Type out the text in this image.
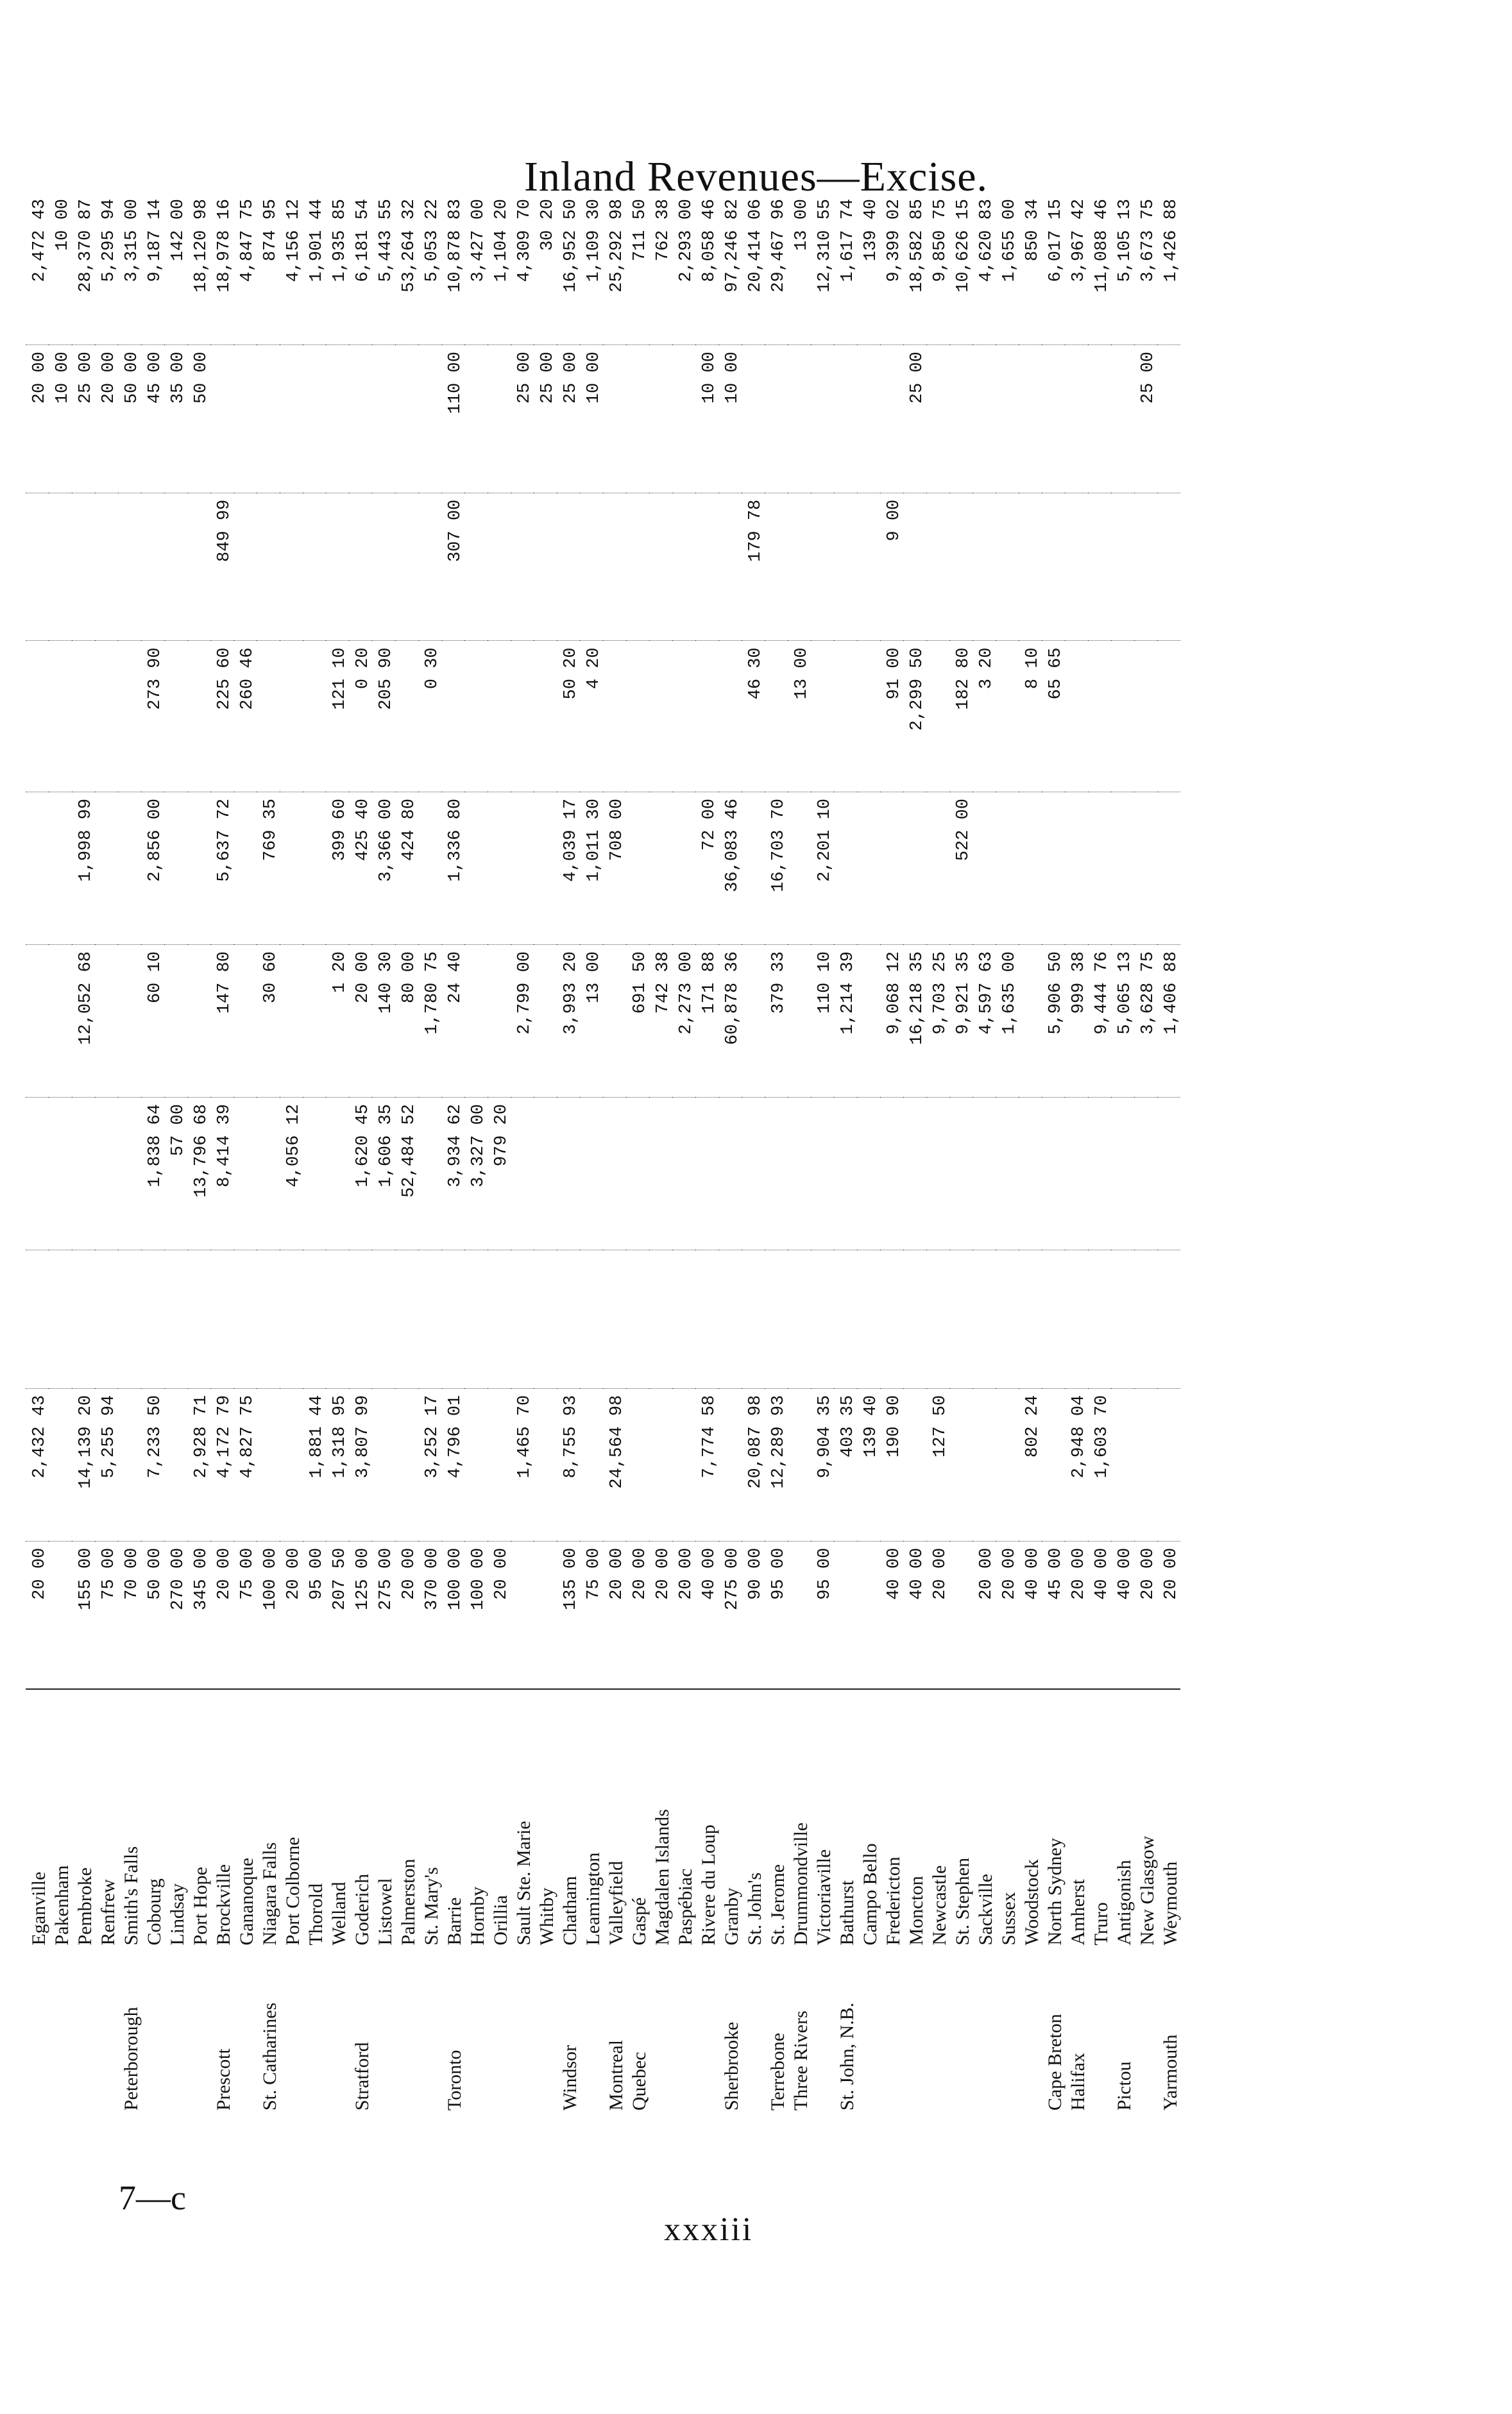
Inland Revenues—Excise.
	Eganville	20 00	2,432 43							20 00	2,472 43
	Pakenham									10 00	10 00
	Pembroke	155 00	14,139 20			12,052 68	1,998 99			25 00	28,370 87
	Renfrew	75 00	5,255 94							20 00	5,295 94
Peterborough	Smith's Falls	70 00								50 00	3,315 00
	Cobourg	50 00	7,233 50		1,838 64	60 10	2,856 00	273 90		45 00	9,187 14
	Lindsay	270 00			57 00					35 00	142 00
	Port Hope	345 00	2,928 71		13,796 68					50 00	18,120 98
Prescott	Brockville	20 00	4,172 79		8,414 39	147 80	5,637 72	225 60	849 99		18,978 16
	Gananoque	75 00	4,827 75					260 46			4,847 75
St. Catharines	Niagara Falls	100 00				30 60	769 35				874 95
	Port Colborne	20 00			4,056 12						4,156 12
	Thorold	95 00	1,881 44								1,901 44
	Welland	207 50	1,318 95			1 20	399 60	121 10			1,935 85
Stratford	Goderich	125 00	3,807 99		1,620 45	20 00	425 40	0 20			6,181 54
	Listowel	275 00			1,606 35	140 30	3,366 00	205 90			5,443 55
	Palmerston	20 00			52,484 52	80 00	424 80				53,264 32
	St. Mary's	370 00	3,252 17			1,780 75		0 30			5,053 22
Toronto	Barrie	100 00	4,796 01		3,934 62	24 40	1,336 80		307 00	110 00	10,878 83
	Hornby	100 00			3,327 00						3,427 00
	Orillia	20 00			979 20						1,104 20
	Sault Ste. Marie		1,465 70			2,799 00				25 00	4,309 70
	Whitby									25 00	30 20
Windsor	Chatham	135 00	8,755 93			3,993 20	4,039 17	50 20		25 00	16,952 50
	Leamington	75 00				13 00	1,011 30	4 20		10 00	1,109 30
Montreal	Valleyfield	20 00	24,564 98				708 00				25,292 98
Quebec	Gaspé	20 00				691 50					711 50
	Magdalen Islands	20 00				742 38					762 38
	Paspébiac	20 00				2,273 00					2,293 00
	Rivere du Loup	40 00	7,774 58			171 88	72 00			10 00	8,058 46
Sherbrooke	Granby	275 00				60,878 36	36,083 46			10 00	97,246 82
	St. John's	90 00	20,087 98					46 30	179 78		20,414 06
Terrebone	St. Jerome	95 00	12,289 93			379 33	16,703 70				29,467 96
Three Rivers	Drummondville							13 00			13 00
	Victoriaville	95 00	9,904 35			110 10	2,201 10				12,310 55
St. John, N.B.	Bathurst		403 35			1,214 39					1,617 74
	Campo Bello		139 40								139 40
	Fredericton	40 00	190 90			9,068 12		91 00	9 00		9,399 02
	Moncton	40 00				16,218 35		2,299 50		25 00	18,582 85
	Newcastle	20 00	127 50			9,703 25					9,850 75
	St. Stephen					9,921 35	522 00	182 80			10,626 15
	Sackville	20 00				4,597 63		3 20			4,620 83
	Sussex	20 00				1,635 00					1,655 00
	Woodstock	40 00	802 24					8 10			850 34
Cape Breton	North Sydney	45 00				5,906 50		65 65			6,017 15
Halifax	Amherst	20 00	2,948 04			999 38					3,967 42
	Truro	40 00	1,603 70			9,444 76					11,088 46
Pictou	Antigonish	40 00				5,065 13					5,105 13
	New Glasgow	20 00				3,628 75				25 00	3,673 75
Yarmouth	Weymouth	20 00				1,406 88					1,426 88
7—c
xxxiii
